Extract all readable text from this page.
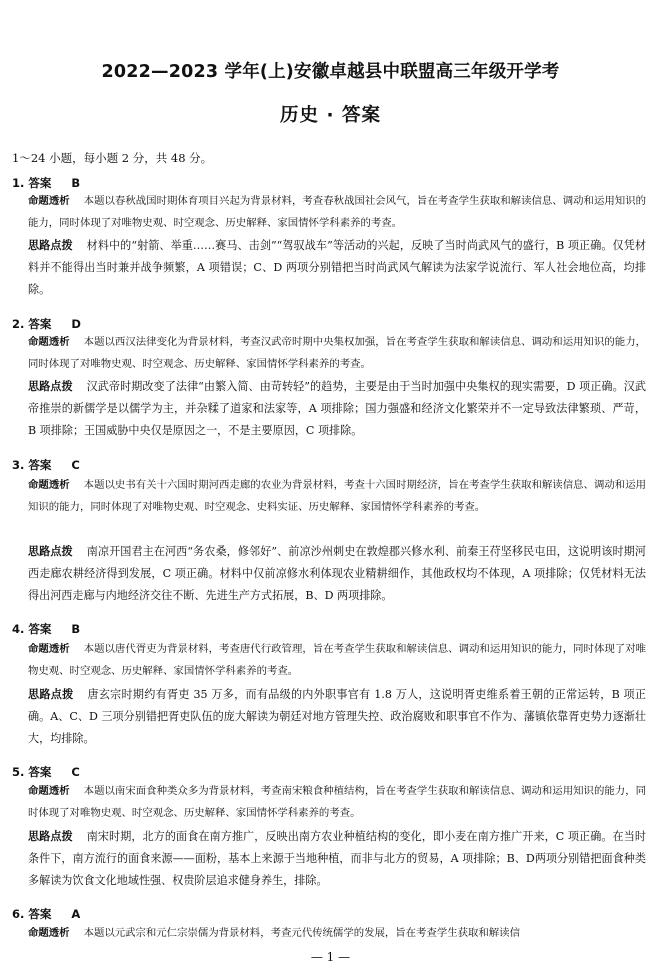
2022—2023 学年(上)安徽卓越县中联盟高三年级开学考
历史 · 答案
1～24 小题，每小题 2 分，共 48 分。
1. 答案 B
命题透析 本题以春秋战国时期体育项目兴起为背景材料，考查春秋战国社会风气，旨在考查学生获取和解读信息、调动和运用知识的能力，同时体现了对唯物史观、时空观念、历史解释、家国情怀学科素养的考查。
思路点拨 材料中的“射箭、举重……赛马、击剑”“驾驭战车”等活动的兴起，反映了当时尚武风气的盛行，B 项正确。仅凭材料并不能得出当时兼并战争频繁，A 项错误；C、D 两项分别错把当时尚武风气解读为法家学说流行、军人社会地位高，均排除。
2. 答案 D
命题透析 本题以西汉法律变化为背景材料，考查汉武帝时期中央集权加强，旨在考查学生获取和解读信息、调动和运用知识的能力，同时体现了对唯物史观、时空观念、历史解释、家国情怀学科素养的考查。
思路点拨 汉武帝时期改变了法律“由繁入简、由苛转轻”的趋势，主要是由于当时加强中央集权的现实需要，D 项正确。汉武帝推崇的新儒学是以儒学为主，并杂糅了道家和法家等，A 项排除；国力强盛和经济文化繁荣并不一定导致法律繁琐、严苛，B 项排除；王国威胁中央仅是原因之一，不是主要原因，C 项排除。
3. 答案 C
命题透析 本题以史书有关十六国时期河西走廊的农业为背景材料，考查十六国时期经济，旨在考查学生获取和解读信息、调动和运用知识的能力，同时体现了对唯物史观、时空观念、史料实证、历史解释、家国情怀学科素养的考查。
思路点拨 南凉开国君主在河西“务农桑，修邻好”、前凉沙州刺史在敦煌郡兴修水利、前秦王苻坚移民屯田，这说明该时期河西走廊农耕经济得到发展，C 项正确。材料中仅前凉修水利体现农业精耕细作，其他政权均不体现，A 项排除；仅凭材料无法得出河西走廊与内地经济交往不断、先进生产方式拓展，B、D 两项排除。
4. 答案 B
命题透析 本题以唐代胥吏为背景材料，考查唐代行政管理，旨在考查学生获取和解读信息、调动和运用知识的能力，同时体现了对唯物史观、时空观念、历史解释、家国情怀学科素养的考查。
思路点拨 唐玄宗时期约有胥吏 35 万多，而有品级的内外职事官有 1.8 万人，这说明胥吏维系着王朝的正常运转，B 项正确。A、C、D 三项分别错把胥吏队伍的庞大解读为朝廷对地方管理失控、政治腐败和职事官不作为、藩镇依靠胥吏势力逐渐壮大，均排除。
5. 答案 C
命题透析 本题以南宋面食种类众多为背景材料，考查南宋粮食种植结构，旨在考查学生获取和解读信息、调动和运用知识的能力，同时体现了对唯物史观、时空观念、历史解释、家国情怀学科素养的考查。
思路点拨 南宋时期，北方的面食在南方推广，反映出南方农业种植结构的变化，即小麦在南方推广开来，C 项正确。在当时条件下，南方流行的面食来源——面粉，基本上来源于当地种植，而非与北方的贸易，A 项排除；B、D两项分别错把面食种类多解读为饮食文化地域性强、权贵阶层追求健身养生，排除。
6. 答案 A
命题透析 本题以元武宗和元仁宗崇儒为背景材料，考查元代传统儒学的发展，旨在考查学生获取和解读信
— 1 —
